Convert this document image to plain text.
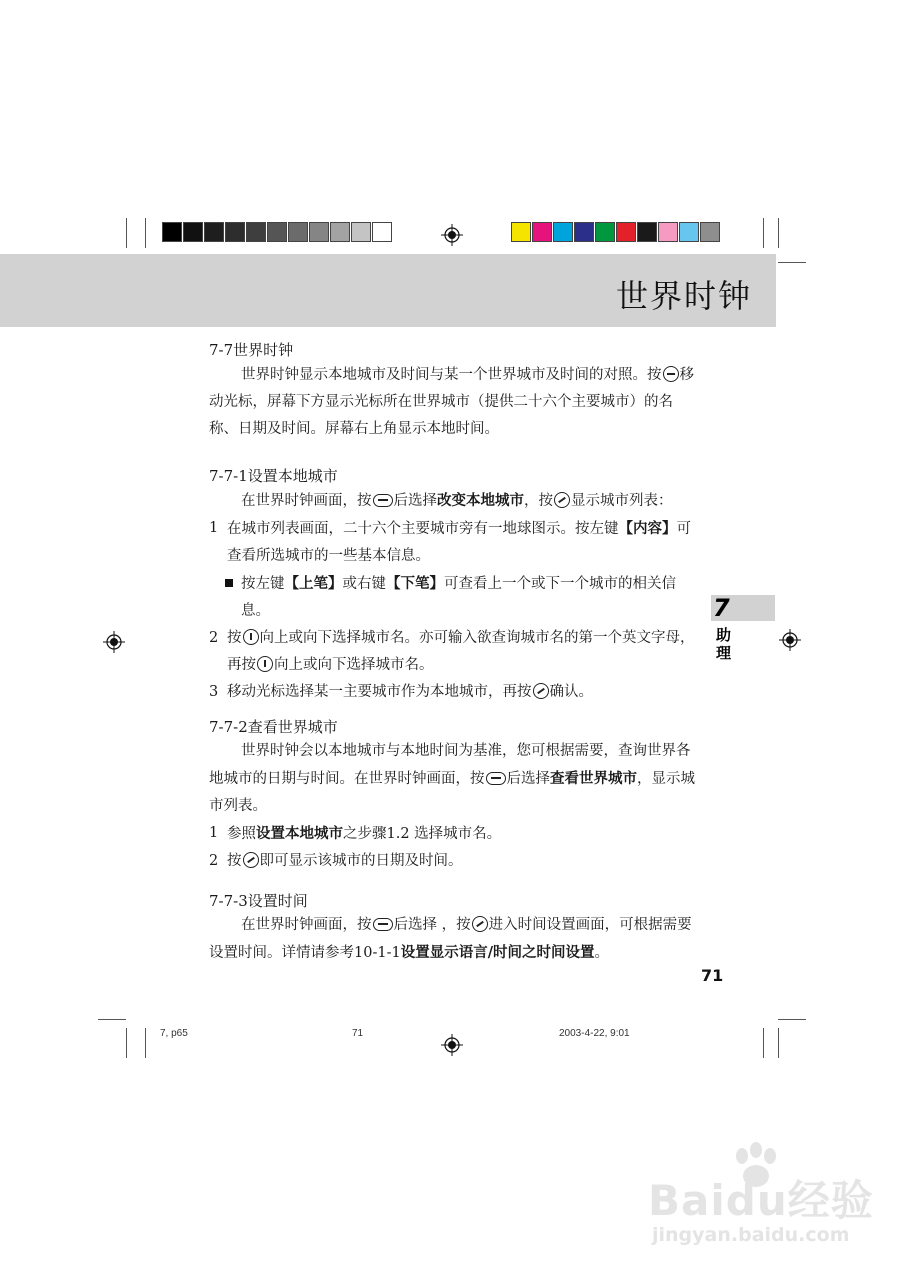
世界时钟
7
助
理
7-7世界时钟

世界时钟显示本地城市及时间与某一个世界城市及时间的对照。按 移动光标，屏幕下方显示光标所在世界城市（提供二十六个主要城市）的名称、日期及时间。屏幕右上角显示本地时间。

7-7-1设置本地城市

在世界时钟画面，按 后选择改变本地城市，按 显示城市列表：

1 在城市列表画面，二十六个主要城市旁有一地球图示。按左键【内容】可查看所选城市的一些基本信息。
按左键【上笔】或右键【下笔】可查看上一个或下一个城市的相关信息。
2 按 向上或向下选择城市名。亦可输入欲查询城市名的第一个英文字母，再按 向上或向下选择城市名。
3 移动光标选择某一主要城市作为本地城市，再按 确认。
7-7-2查看世界城市

世界时钟会以本地城市与本地时间为基准，您可根据需要，查询世界各地城市的日期与时间。在世界时钟画面，按 后选择查看世界城市，显示城市列表。

1 参照设置本地城市之步骤1.2 选择城市名。
2 按 即可显示该城市的日期及时间。
7-7-3设置时间

在世界时钟画面，按 后选择 ，按 进入时间设置画面，可根据需要设置时间。详情请参考10-1-1设置显示语言/时间之时间设置。

71
7, p65	71	2003-4-22, 9:01
Baidu经验
jingyan.baidu.com
